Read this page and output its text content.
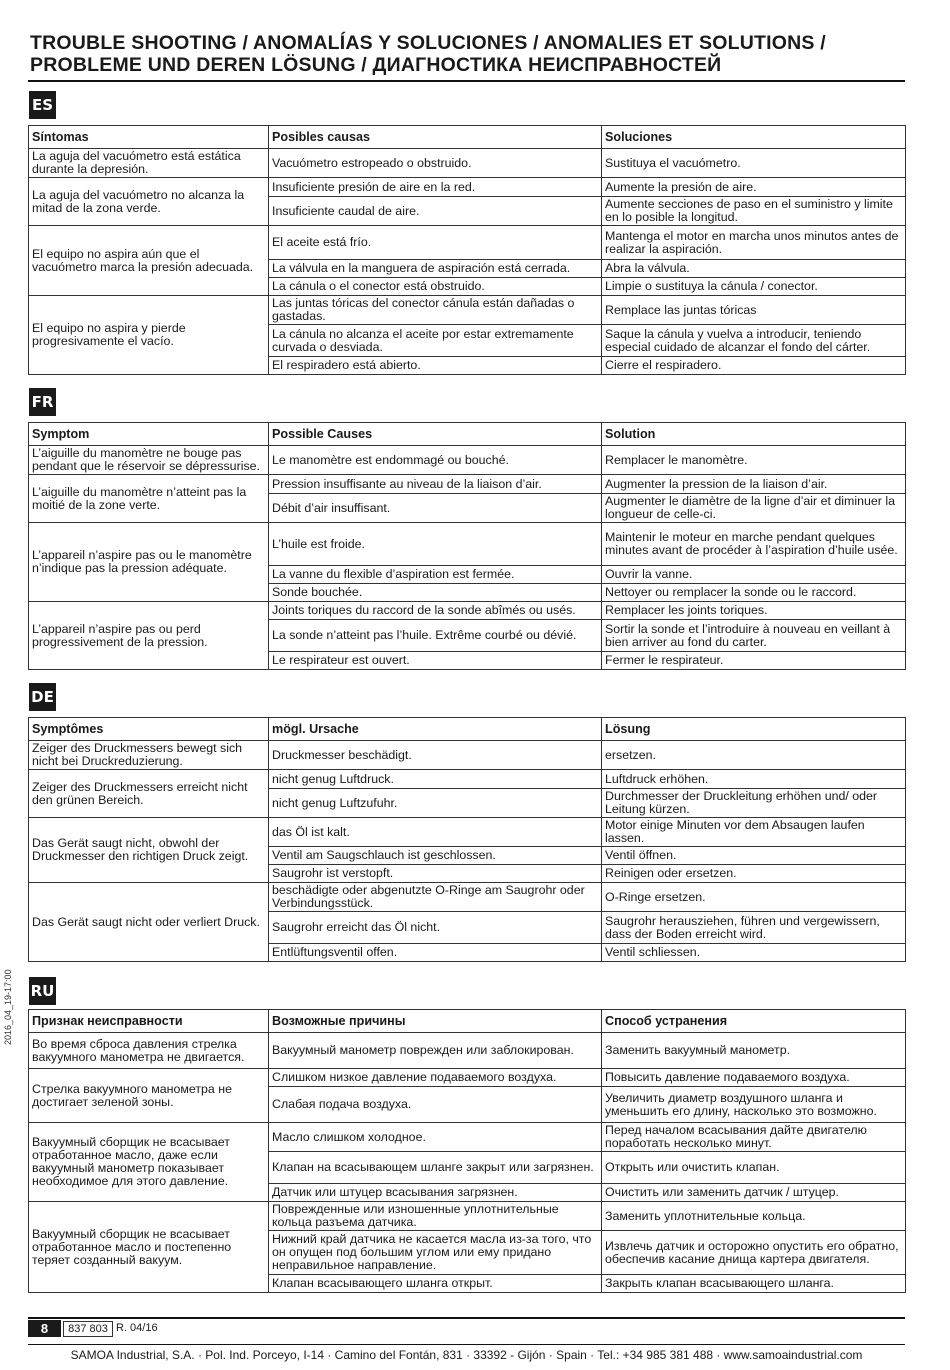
TROUBLE SHOOTING / ANOMALÍAS Y SOLUCIONES / ANOMALIES ET SOLUTIONS / PROBLEME UND DEREN LÖSUNG / ДИАГНОСТИКА НЕИСПРАВНОСТЕЙ
ES
Síntomas	Posibles causas	Soluciones
La aguja del vacuómetro está estática durante la depresión.	Vacuómetro estropeado o obstruido.	Sustituya el vacuómetro.
La aguja del vacuómetro no alcanza la mitad de la zona verde.	Insuficiente presión de aire en la red.	Aumente la presión de aire.
	Insuficiente caudal de aire.	Aumente secciones de paso en el suministro y limite en lo posible la longitud.
El equipo no aspira aún que el vacuómetro marca la presión adecuada.	El aceite está frío.	Mantenga el motor en marcha unos minutos antes de realizar la aspiración.
	La válvula en la manguera de aspiración está cerrada.	Abra la válvula.
	La cánula o el conector está obstruido.	Limpie o sustituya la cánula / conector.
El equipo no aspira y pierde progresivamente el vacío.	Las juntas tóricas del conector cánula están dañadas o gastadas.	Remplace las juntas tóricas
	La cánula no alcanza el aceite por estar extremamente curvada o desviada.	Saque la cánula y vuelva a introducir, teniendo especial cuidado de alcanzar el fondo del cárter.
	El respiradero está abierto.	Cierre el respiradero.
FR
Symptom	Possible Causes	Solution
L’aiguille du manomètre ne bouge pas pendant que le réservoir se dépressurise.	Le manomètre est endommagé ou bouché.	Remplacer le manomètre.
L’aiguille du manomètre n’atteint pas la moitié de la zone verte.	Pression insuffisante au niveau de la liaison d’air.	Augmenter la pression de la liaison d’air.
	Débit d’air insuffisant.	Augmenter le diamètre de la ligne d’air et diminuer la longueur de celle-ci.
L’appareil n’aspire pas ou le manomètre n’indique pas la pression adéquate.	L’huile est froide.	Maintenir le moteur en marche pendant quelques minutes avant de procéder à l’aspiration d’huile usée.
	La vanne du flexible d’aspiration est fermée.	Ouvrir la vanne.
	Sonde bouchée.	Nettoyer ou remplacer la sonde ou le raccord.
L’appareil n’aspire pas ou perd progressivement de la pression.	Joints toriques du raccord de la sonde abîmés ou usés.	Remplacer les joints toriques.
	La sonde n’atteint pas l’huile. Extrême courbé ou dévié.	Sortir la sonde et l’introduire à nouveau en veillant à bien arriver au fond du carter.
	Le respirateur est ouvert.	Fermer le respirateur.
DE
Symptômes	mögl. Ursache	Lösung
Zeiger des Druckmessers bewegt sich nicht bei Druckreduzierung.	Druckmesser beschädigt.	ersetzen.
Zeiger des Druckmessers erreicht nicht den grünen Bereich.	nicht genug Luftdruck.	Luftdruck erhöhen.
	nicht genug Luftzufuhr.	Durchmesser der Druckleitung erhöhen und/ oder Leitung kürzen.
Das Gerät saugt nicht, obwohl der Druckmesser den richtigen Druck zeigt.	das Öl ist kalt.	Motor einige Minuten vor dem Absaugen laufen lassen.
	Ventil am Saugschlauch ist geschlossen.	Ventil öffnen.
	Saugrohr ist verstopft.	Reinigen oder ersetzen.
Das Gerät saugt nicht oder verliert Druck.	beschädigte oder abgenutzte O-Ringe am Saugrohr oder Verbindungsstück.	O-Ringe ersetzen.
	Saugrohr erreicht das Öl nicht.	Saugrohr herausziehen, führen und vergewissern, dass der Boden erreicht wird.
	Entlüftungsventil offen.	Ventil schliessen.
RU
Признак неисправности	Возможные причины	Способ устранения
Во время сброса давления стрелка вакуумного манометра не двигается.	Вакуумный манометр поврежден или заблокирован.	Заменить вакуумный манометр.
Стрелка вакуумного манометра не достигает зеленой зоны.	Слишком низкое давление подаваемого воздуха.	Повысить давление подаваемого воздуха.
	Слабая подача воздуха.	Увеличить диаметр воздушного шланга и уменьшить его длину, насколько это возможно.
Вакуумный сборщик не всасывает отработанное масло, даже если вакуумный манометр показывает необходимое для этого давление.	Масло слишком холодное.	Перед началом всасывания дайте двигателю поработать несколько минут.
	Клапан на всасывающем шланге закрыт или загрязнен.	Открыть или очистить клапан.
	Датчик или штуцер всасывания загрязнен.	Очистить или заменить датчик / штуцер.
Вакуумный сборщик не всасывает отработанное масло и постепенно теряет созданный вакуум.	Поврежденные или изношенные уплотнительные кольца разъема датчика.	Заменить уплотнительные кольца.
	Нижний край датчика не касается масла из-за того, что он опущен под большим углом или ему придано неправильное направление.	Извлечь датчик и осторожно опустить его обратно, обеспечив касание днища картера двигателя.
	Клапан всасывающего шланга открыт.	Закрыть клапан всасывающего шланга.
2016_04_19-17:00
8	837 803 R. 04/16
SAMOA Industrial, S.A. · Pol. Ind. Porceyo, I-14 · Camino del Fontán, 831 · 33392 - Gijón · Spain · Tel.: +34 985 381 488 · www.samoaindustrial.com
